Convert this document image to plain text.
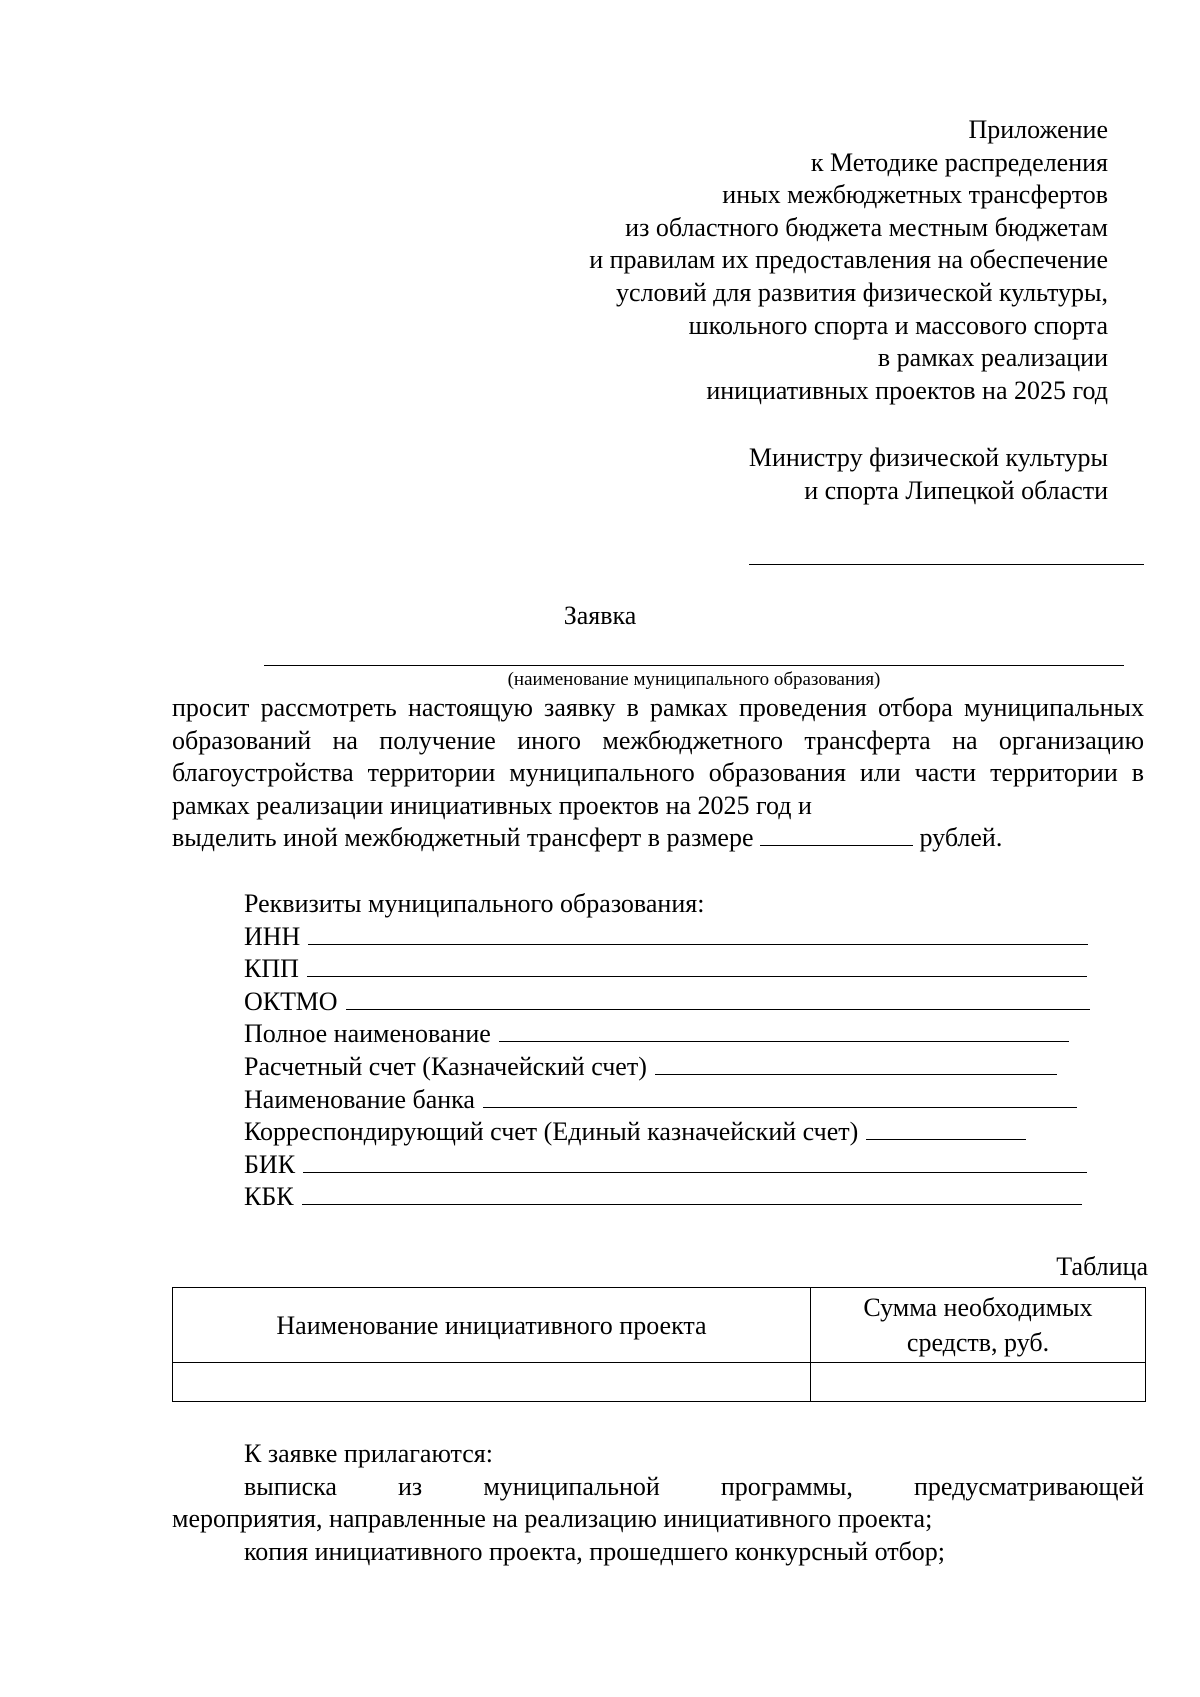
Приложение
к Методике распределения
иных межбюджетных трансфертов
из областного бюджета местным бюджетам
и правилам их предоставления на обеспечение
условий для развития физической культуры,
школьного спорта и массового спорта
в рамках реализации
инициативных проектов на 2025 год
Министру физической культуры
и спорта Липецкой области
Заявка
(наименование муниципального образования)

просит рассмотреть настоящую заявку в рамках проведения отбора муниципальных образований на получение иного межбюджетного трансферта на организацию благоустройства территории муниципального образования или части территории в рамках реализации инициативных проектов на 2025 год и

выделить иной межбюджетный трансферт в размере	рублей.

Реквизиты муниципального образования:
ИНН
КПП
ОКТМО
Полное наименование
Расчетный счет (Казначейский счет)
Наименование банка
Корреспондирующий счет (Единый казначейский счет)
БИК
КБК
Таблица
Наименование инициативного проекта	Сумма необходимых
средств, руб.

К заявке прилагаются:

выписка из муниципальной программы, предусматривающей

мероприятия, направленные на реализацию инициативного проекта;

копия инициативного проекта, прошедшего конкурсный отбор;
